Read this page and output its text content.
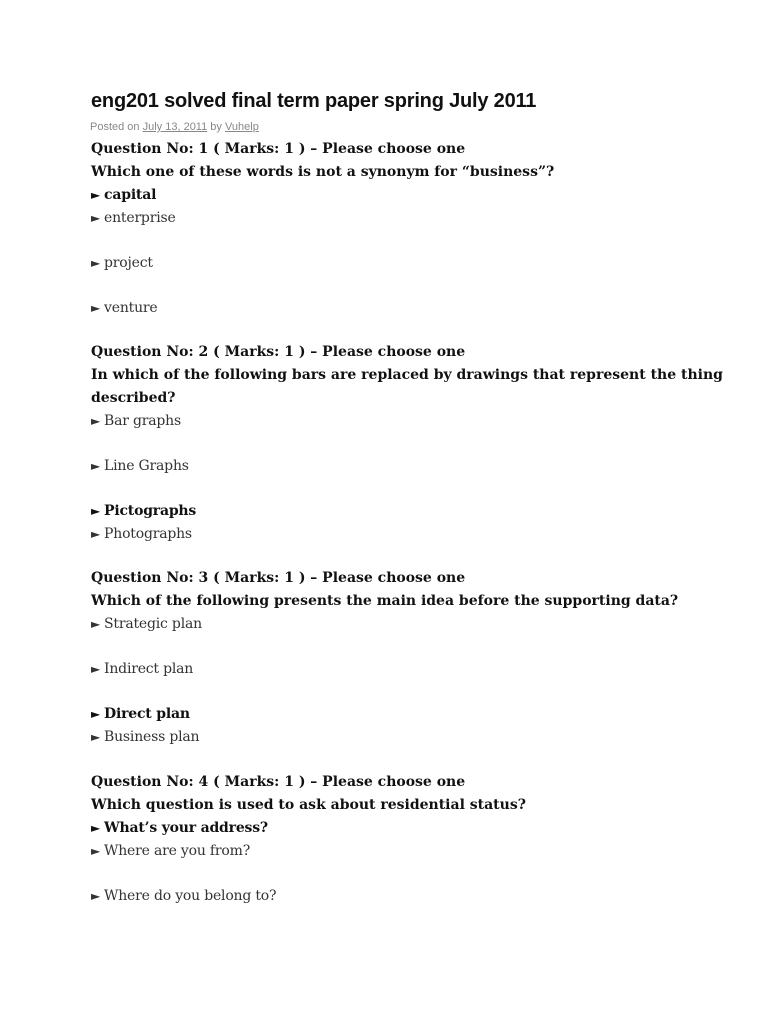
eng201 solved final term paper spring July 2011
Posted on July 13, 2011 by Vuhelp
Question No: 1 ( Marks: 1 ) – Please choose one
Which one of these words is not a synonym for “business”?
► capital
► enterprise
► project
► venture
Question No: 2 ( Marks: 1 ) – Please choose one
In which of the following bars are replaced by drawings that represent the thing described?
► Bar graphs
► Line Graphs
► Pictographs
► Photographs
Question No: 3 ( Marks: 1 ) – Please choose one
Which of the following presents the main idea before the supporting data?
► Strategic plan
► Indirect plan
► Direct plan
► Business plan
Question No: 4 ( Marks: 1 ) – Please choose one
Which question is used to ask about residential status?
► What’s your address?
► Where are you from?
► Where do you belong to?
